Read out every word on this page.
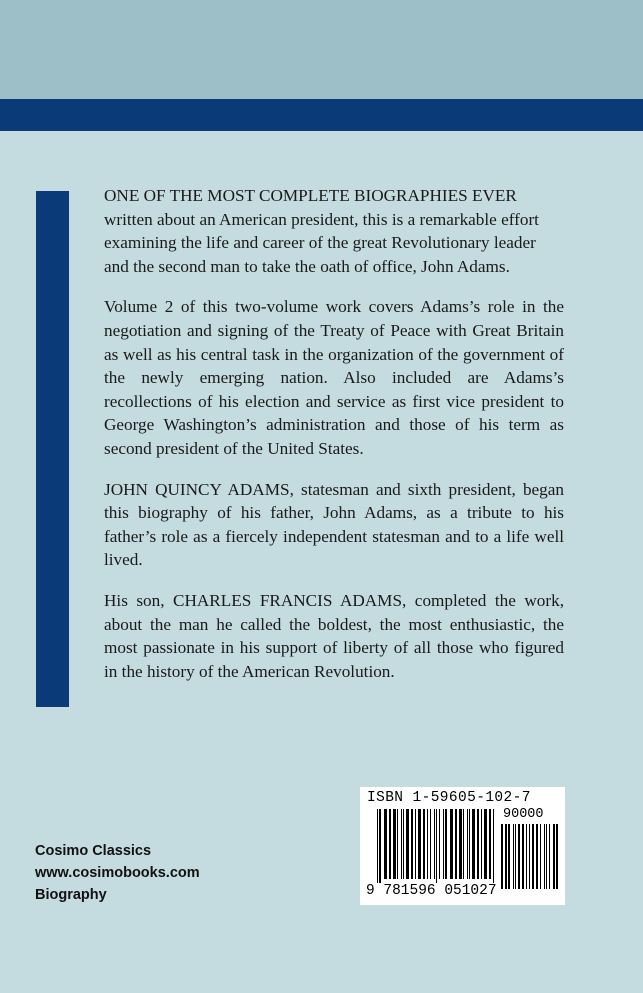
ONE OF THE MOST COMPLETE BIOGRAPHIES EVER written about an American president, this is a remarkable effort examining the life and career of the great Revolutionary leader and the second man to take the oath of office, John Adams.

Volume 2 of this two-volume work covers Adams’s role in the negotiation and signing of the Treaty of Peace with Great Britain as well as his central task in the organization of the government of the newly emerging nation. Also included are Adams’s recollections of his election and service as first vice president to George Washington’s administration and those of his term as second president of the United States.

JOHN QUINCY ADAMS, statesman and sixth president, began this biography of his father, John Adams, as a tribute to his father’s role as a fiercely independent statesman and to a life well lived.

His son, CHARLES FRANCIS ADAMS, completed the work, about the man he called the boldest, the most enthusiastic, the most passionate in his support of liberty of all those who figured in the history of the American Revolution.

Cosimo Classics
www.cosimobooks.com
Biography
ISBN 1-59605-102-7
90000
9 781596 051027
